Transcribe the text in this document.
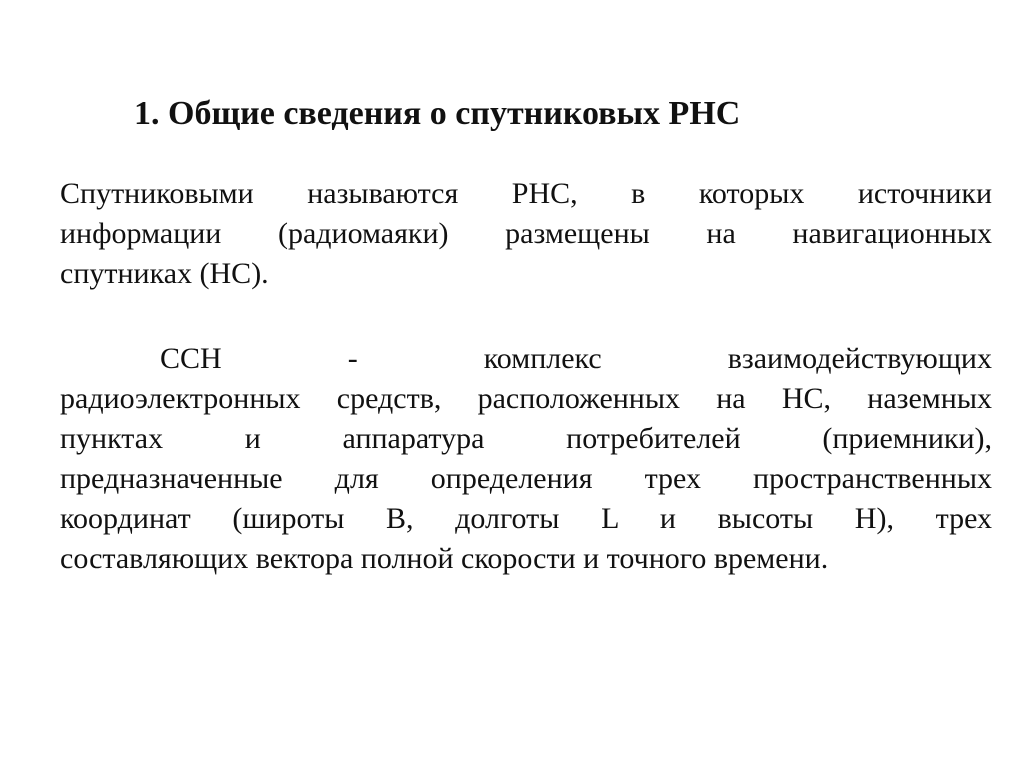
1. Общие сведения о спутниковых РНС
Спутниковыми называются РНС, в которых источники
информации (радиомаяки) размещены на навигационных
спутниках (НС).
ССН - комплекс взаимодействующих
радиоэлектронных средств, расположенных на НС, наземных
пунктах и аппаратура потребителей (приемники),
предназначенные для определения трех пространственных
координат (широты В, долготы L и высоты Н), трех
составляющих вектора полной скорости и точного времени.
